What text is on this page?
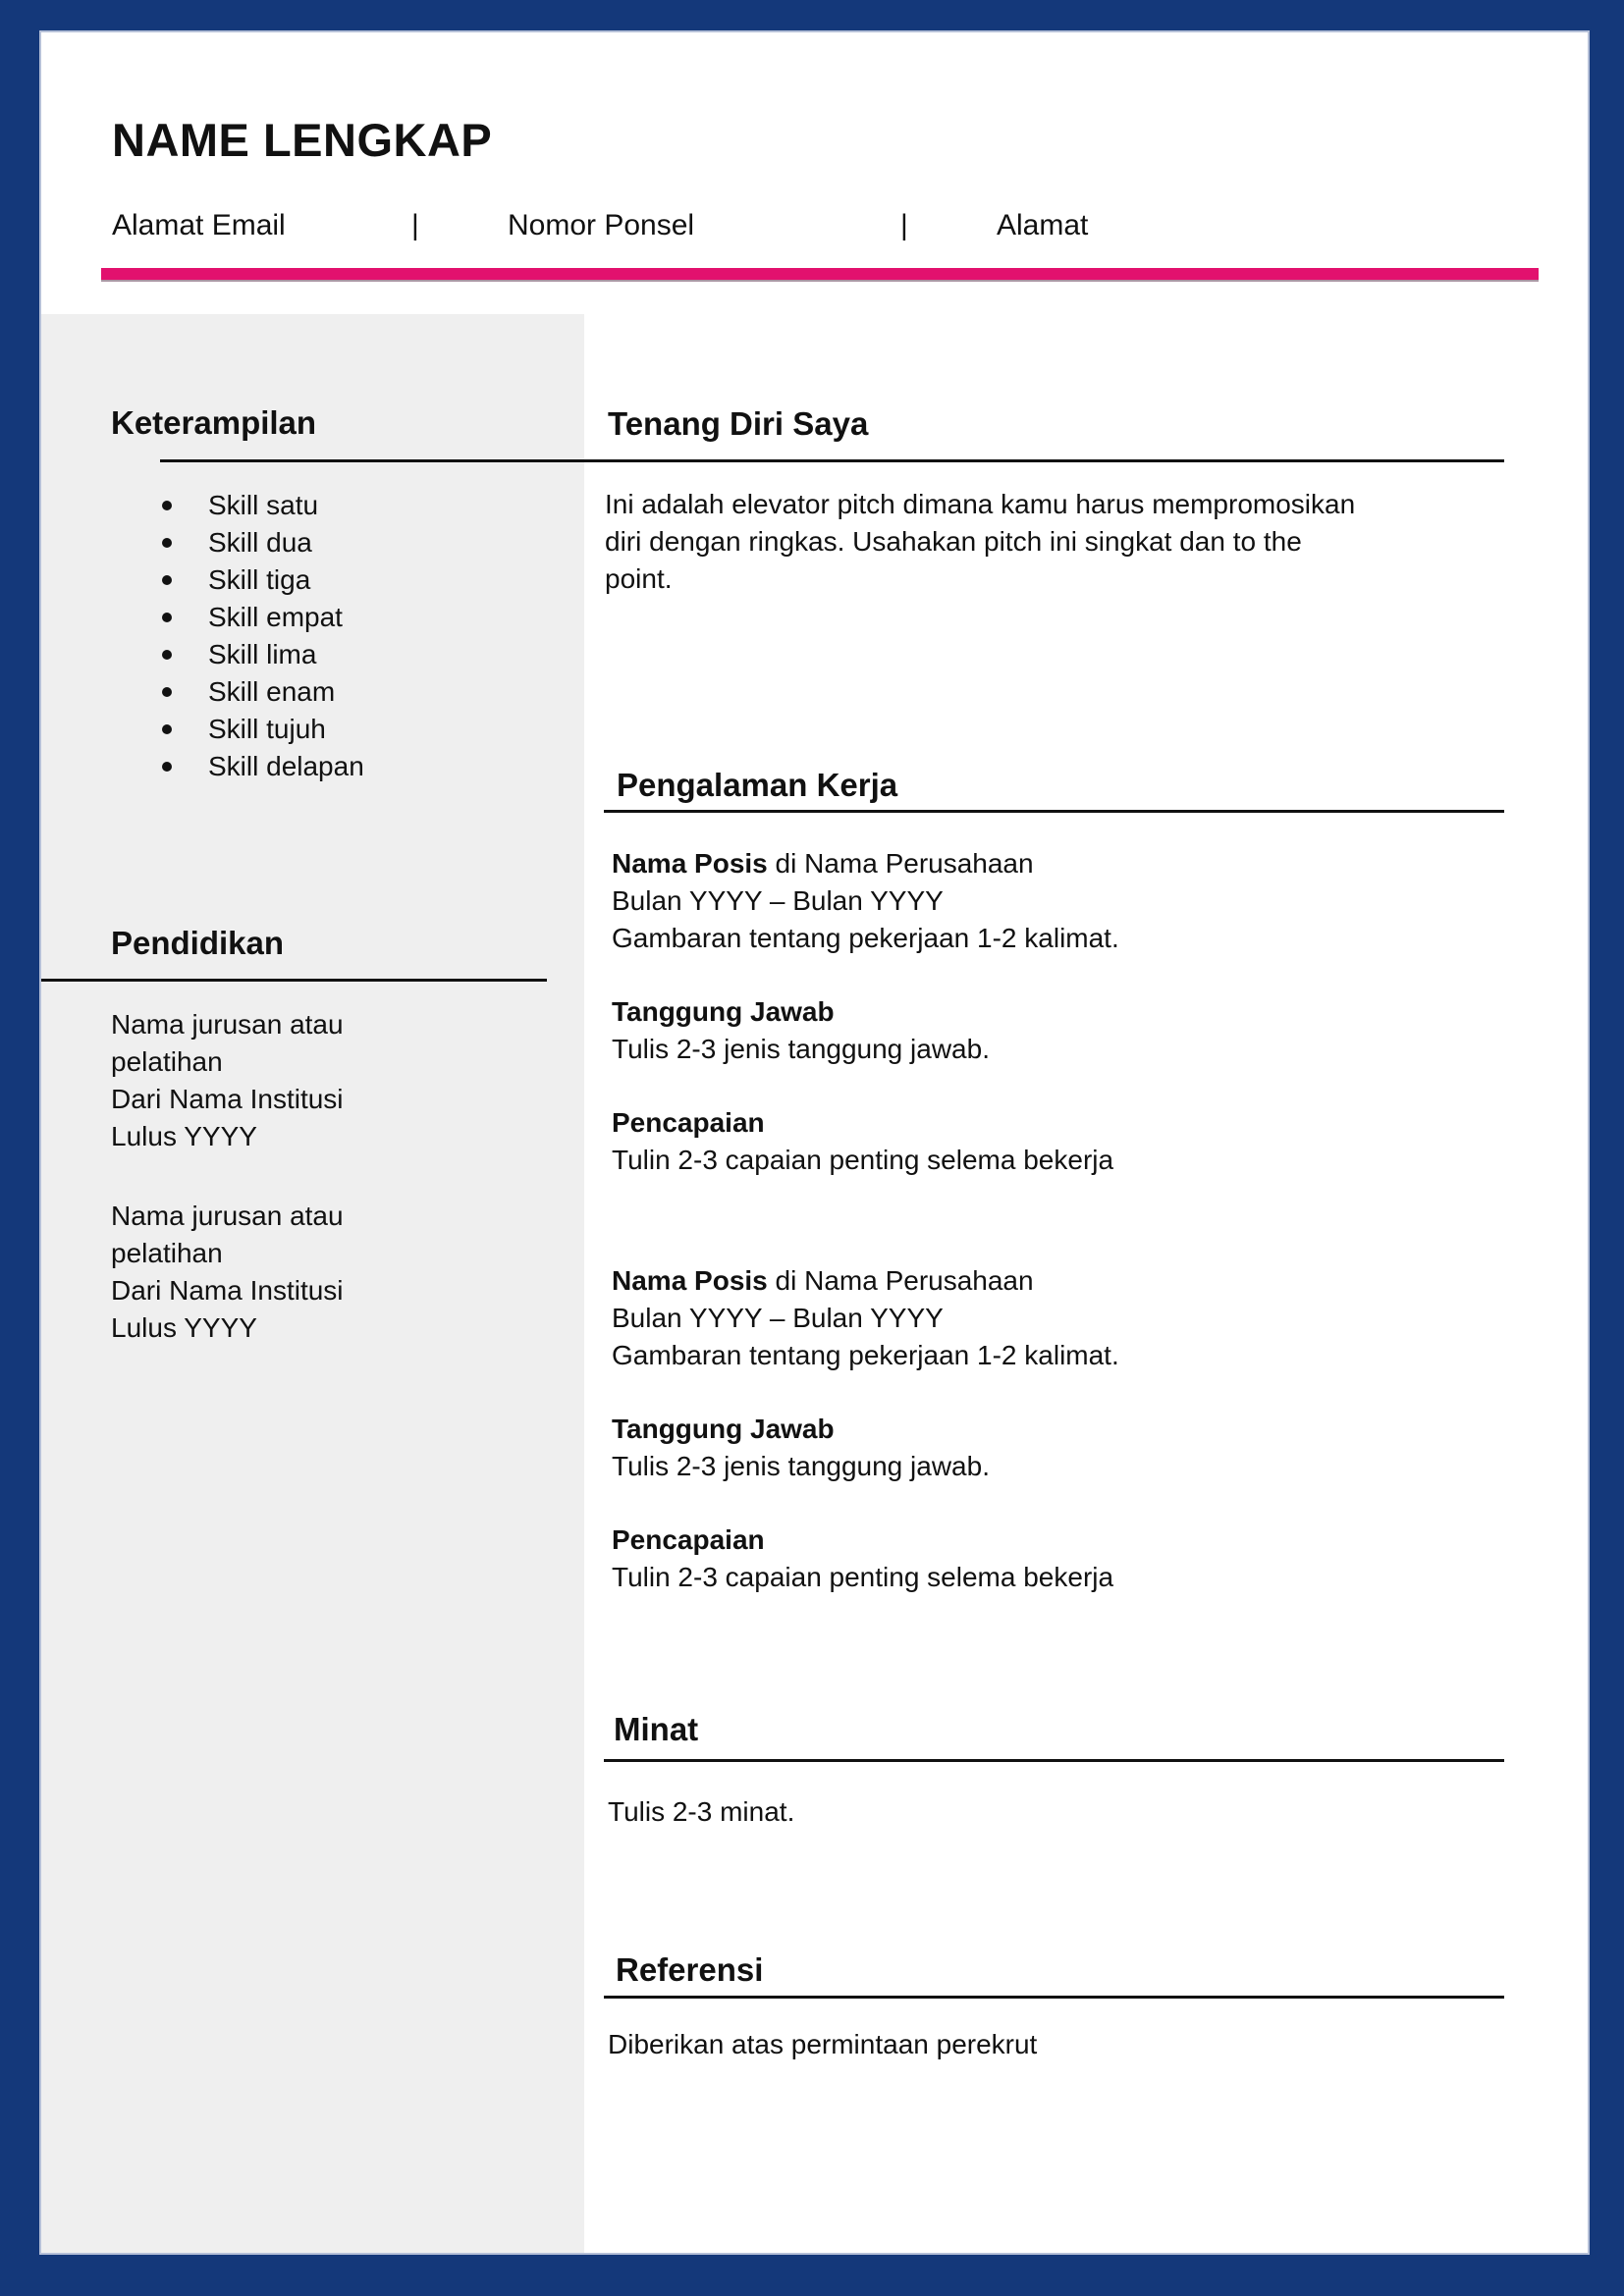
NAME LENGKAP
Alamat Email	|	Nomor Ponsel	|	Alamat
Keterampilan
Skill satu
Skill dua
Skill tiga
Skill empat
Skill lima
Skill enam
Skill tujuh
Skill delapan
Pendidikan
Nama jurusan atau
pelatihan
Dari Nama Institusi
Lulus YYYY
Nama jurusan atau
pelatihan
Dari Nama Institusi
Lulus YYYY
Tenang Diri Saya
Ini adalah elevator pitch dimana kamu harus mempromosikan
diri dengan ringkas. Usahakan pitch ini singkat dan to the
point.
Pengalaman Kerja
Nama Posis di Nama Perusahaan
Bulan YYYY – Bulan YYYY
Gambaran tentang pekerjaan 1-2 kalimat.
Tanggung Jawab
Tulis 2-3 jenis tanggung jawab.
Pencapaian
Tulin 2-3 capaian penting selema bekerja
Nama Posis di Nama Perusahaan
Bulan YYYY – Bulan YYYY
Gambaran tentang pekerjaan 1-2 kalimat.
Tanggung Jawab
Tulis 2-3 jenis tanggung jawab.
Pencapaian
Tulin 2-3 capaian penting selema bekerja
Minat
Tulis 2-3 minat.
Referensi
Diberikan atas permintaan perekrut
